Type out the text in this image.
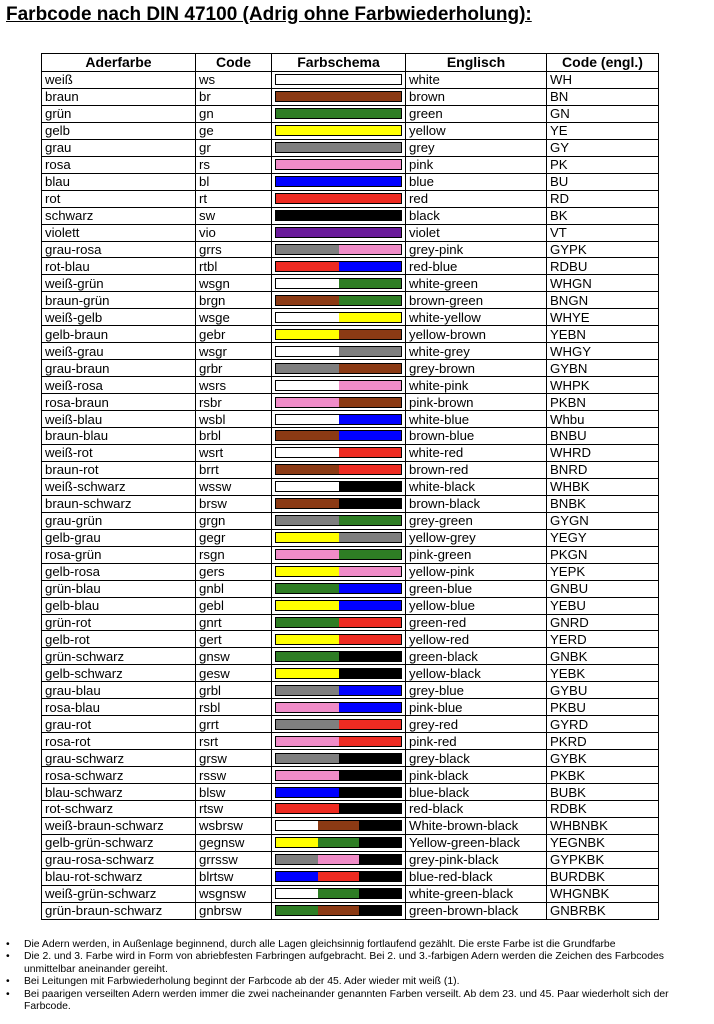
Farbcode nach DIN 47100 (Adrig ohne Farbwiederholung):
Aderfarbe	Code	Farbschema	Englisch	Code (engl.)
weiß	ws		white	WH
braun	br		brown	BN
grün	gn		green	GN
gelb	ge		yellow	YE
grau	gr		grey	GY
rosa	rs		pink	PK
blau	bl		blue	BU
rot	rt		red	RD
schwarz	sw		black	BK
violett	vio		violet	VT
grau-rosa	grrs		grey-pink	GYPK
rot-blau	rtbl		red-blue	RDBU
weiß-grün	wsgn		white-green	WHGN
braun-grün	brgn		brown-green	BNGN
weiß-gelb	wsge		white-yellow	WHYE
gelb-braun	gebr		yellow-brown	YEBN
weiß-grau	wsgr		white-grey	WHGY
grau-braun	grbr		grey-brown	GYBN
weiß-rosa	wsrs		white-pink	WHPK
rosa-braun	rsbr		pink-brown	PKBN
weiß-blau	wsbl		white-blue	Whbu
braun-blau	brbl		brown-blue	BNBU
weiß-rot	wsrt		white-red	WHRD
braun-rot	brrt		brown-red	BNRD
weiß-schwarz	wssw		white-black	WHBK
braun-schwarz	brsw		brown-black	BNBK
grau-grün	grgn		grey-green	GYGN
gelb-grau	gegr		yellow-grey	YEGY
rosa-grün	rsgn		pink-green	PKGN
gelb-rosa	gers		yellow-pink	YEPK
grün-blau	gnbl		green-blue	GNBU
gelb-blau	gebl		yellow-blue	YEBU
grün-rot	gnrt		green-red	GNRD
gelb-rot	gert		yellow-red	YERD
grün-schwarz	gnsw		green-black	GNBK
gelb-schwarz	gesw		yellow-black	YEBK
grau-blau	grbl		grey-blue	GYBU
rosa-blau	rsbl		pink-blue	PKBU
grau-rot	grrt		grey-red	GYRD
rosa-rot	rsrt		pink-red	PKRD
grau-schwarz	grsw		grey-black	GYBK
rosa-schwarz	rssw		pink-black	PKBK
blau-schwarz	blsw		blue-black	BUBK
rot-schwarz	rtsw		red-black	RDBK
weiß-braun-schwarz	wsbrsw		White-brown-black	WHBNBK
gelb-grün-schwarz	gegnsw		Yellow-green-black	YEGNBK
grau-rosa-schwarz	grrssw		grey-pink-black	GYPKBK
blau-rot-schwarz	blrtsw		blue-red-black	BURDBK
weiß-grün-schwarz	wsgnsw		white-green-black	WHGNBK
grün-braun-schwarz	gnbrsw		green-brown-black	GNBRBK
• Die Adern werden, in Außenlage beginnend, durch alle Lagen gleichsinnig fortlaufend gezählt. Die erste Farbe ist die Grundfarbe
• Die 2. und 3. Farbe wird in Form von abriebfesten Farbringen aufgebracht. Bei 2. und 3.-farbigen Adern werden die Zeichen des Farbcodes unmittelbar aneinander gereiht.
• Bei Leitungen mit Farbwiederholung beginnt der Farbcode ab der 45. Ader wieder mit weiß (1).
• Bei paarigen verseilten Adern werden immer die zwei nacheinander genannten Farben verseilt. Ab dem 23. und 45. Paar wiederholt sich der Farbcode.
